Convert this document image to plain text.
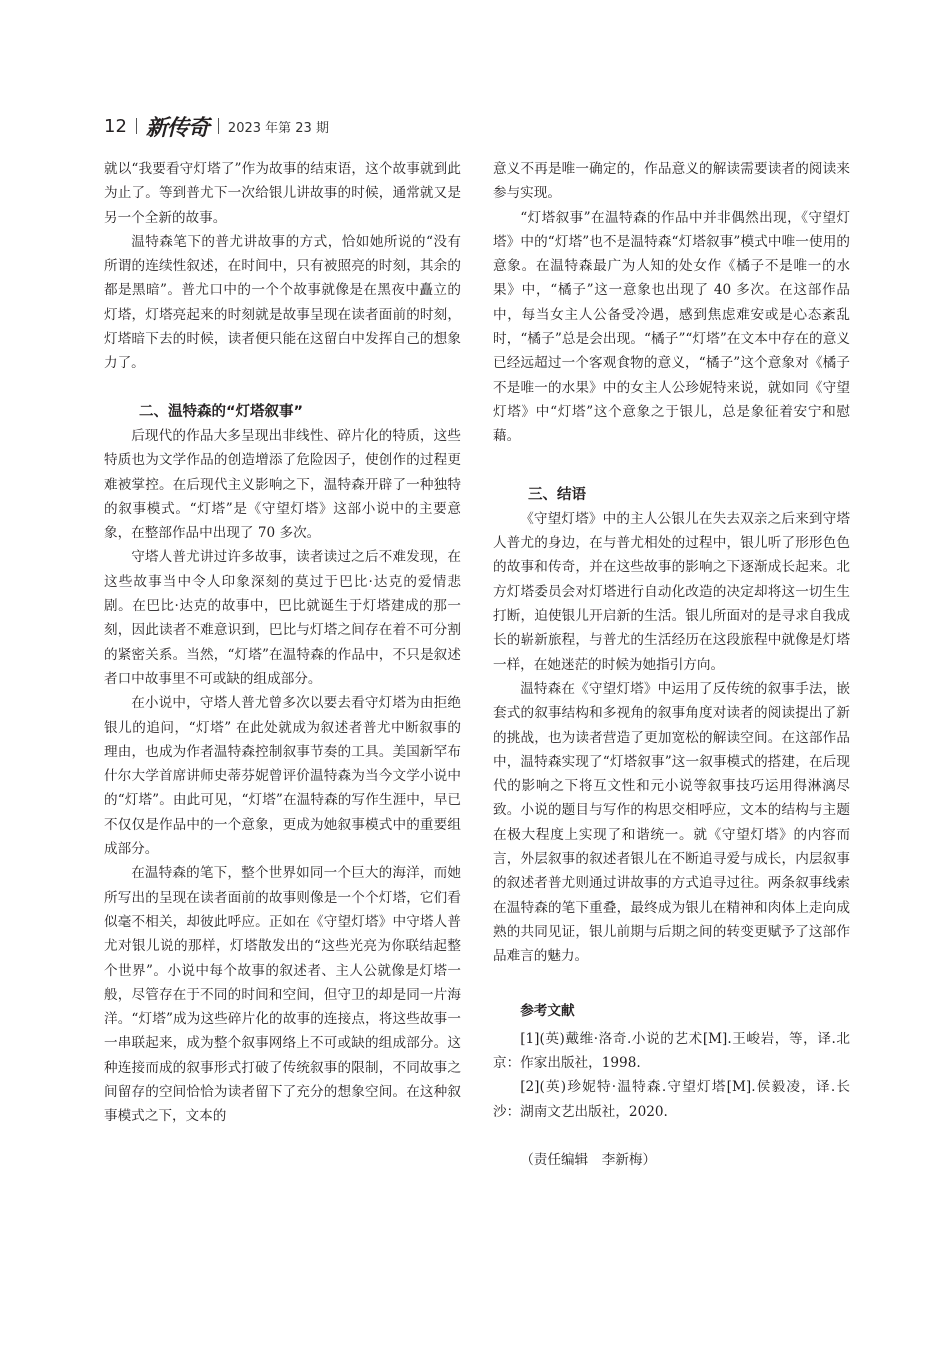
12 新传奇 2023 年第 23 期

就以“我要看守灯塔了”作为故事的结束语，这个故事就到此为止了。等到普尤下一次给银儿讲故事的时候，通常就又是另一个全新的故事。

温特森笔下的普尤讲故事的方式，恰如她所说的“没有所谓的连续性叙述，在时间中，只有被照亮的时刻，其余的都是黑暗”。普尤口中的一个个故事就像是在黑夜中矗立的灯塔，灯塔亮起来的时刻就是故事呈现在读者面前的时刻，灯塔暗下去的时候，读者便只能在这留白中发挥自己的想象力了。

二、温特森的“灯塔叙事”

后现代的作品大多呈现出非线性、碎片化的特质，这些特质也为文学作品的创造增添了危险因子，使创作的过程更难被掌控。在后现代主义影响之下，温特森开辟了一种独特的叙事模式。“灯塔”是《守望灯塔》这部小说中的主要意象，在整部作品中出现了 70 多次。

守塔人普尤讲过许多故事，读者读过之后不难发现，在这些故事当中令人印象深刻的莫过于巴比·达克的爱情悲剧。在巴比·达克的故事中，巴比就诞生于灯塔建成的那一刻，因此读者不难意识到，巴比与灯塔之间存在着不可分割的紧密关系。当然，“灯塔”在温特森的作品中，不只是叙述者口中故事里不可或缺的组成部分。

在小说中，守塔人普尤曾多次以要去看守灯塔为由拒绝银儿的追问，“灯塔” 在此处就成为叙述者普尤中断叙事的理由，也成为作者温特森控制叙事节奏的工具。美国新罕布什尔大学首席讲师史蒂芬妮曾评价温特森为当今文学小说中的“灯塔”。由此可见，“灯塔”在温特森的写作生涯中，早已不仅仅是作品中的一个意象，更成为她叙事模式中的重要组成部分。

在温特森的笔下，整个世界如同一个巨大的海洋，而她所写出的呈现在读者面前的故事则像是一个个灯塔，它们看似毫不相关，却彼此呼应。正如在《守望灯塔》中守塔人普尤对银儿说的那样，灯塔散发出的“这些光亮为你联结起整个世界”。小说中每个故事的叙述者、主人公就像是灯塔一般，尽管存在于不同的时间和空间，但守卫的却是同一片海洋。“灯塔”成为这些碎片化的故事的连接点，将这些故事一一串联起来，成为整个叙事网络上不可或缺的组成部分。这种连接而成的叙事形式打破了传统叙事的限制，不同故事之间留存的空间恰恰为读者留下了充分的想象空间。在这种叙事模式之下，文本的

意义不再是唯一确定的，作品意义的解读需要读者的阅读来参与实现。

“灯塔叙事”在温特森的作品中并非偶然出现，《守望灯塔》中的“灯塔”也不是温特森“灯塔叙事”模式中唯一使用的意象。在温特森最广为人知的处女作《橘子不是唯一的水果》中，“橘子”这一意象也出现了 40 多次。在这部作品中，每当女主人公备受冷遇，感到焦虑难安或是心态紊乱时，“橘子”总是会出现。“橘子”“灯塔”在文本中存在的意义已经远超过一个客观食物的意义，“橘子”这个意象对《橘子不是唯一的水果》中的女主人公珍妮特来说，就如同《守望灯塔》中“灯塔”这个意象之于银儿，总是象征着安宁和慰藉。

三、结语

《守望灯塔》中的主人公银儿在失去双亲之后来到守塔人普尤的身边，在与普尤相处的过程中，银儿听了形形色色的故事和传奇，并在这些故事的影响之下逐渐成长起来。北方灯塔委员会对灯塔进行自动化改造的决定却将这一切生生打断，迫使银儿开启新的生活。银儿所面对的是寻求自我成长的崭新旅程，与普尤的生活经历在这段旅程中就像是灯塔一样，在她迷茫的时候为她指引方向。

温特森在《守望灯塔》中运用了反传统的叙事手法，嵌套式的叙事结构和多视角的叙事角度对读者的阅读提出了新的挑战，也为读者营造了更加宽松的解读空间。在这部作品中，温特森实现了“灯塔叙事”这一叙事模式的搭建，在后现代的影响之下将互文性和元小说等叙事技巧运用得淋漓尽致。小说的题目与写作的构思交相呼应，文本的结构与主题在极大程度上实现了和谐统一。就《守望灯塔》的内容而言，外层叙事的叙述者银儿在不断追寻爱与成长，内层叙事的叙述者普尤则通过讲故事的方式追寻过往。两条叙事线索在温特森的笔下重叠，最终成为银儿在精神和肉体上走向成熟的共同见证，银儿前期与后期之间的转变更赋予了这部作品难言的魅力。

参考文献

[1](英)戴维·洛奇.小说的艺术[M].王峻岩，等，译.北京：作家出版社，1998.

[2](英)珍妮特·温特森.守望灯塔[M].侯毅凌，译.长沙：湖南文艺出版社，2020.

（责任编辑　李新梅）
